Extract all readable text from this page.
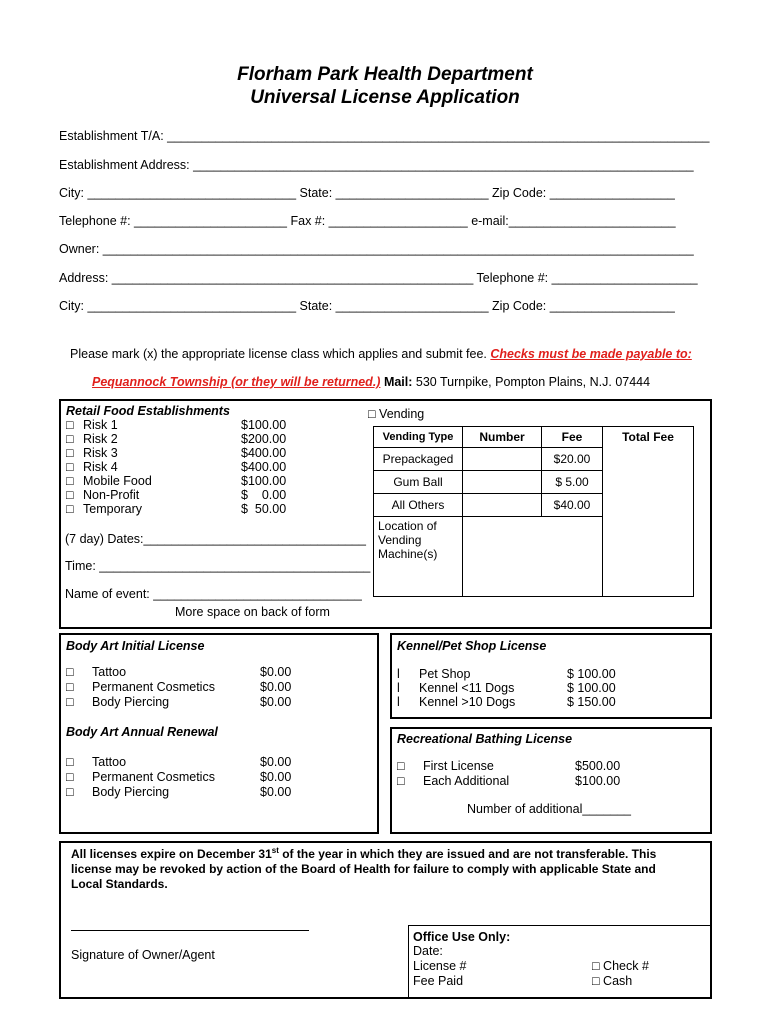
Florham Park Health Department
Universal License Application
Establishment T/A: ______________________________________________________________________________
Establishment Address: ________________________________________________________________________
City: ______________________________ State: ______________________ Zip Code: __________________
Telephone #: ______________________ Fax #: ____________________ e-mail:________________________
Owner: _____________________________________________________________________________________
Address: ____________________________________________________ Telephone #: _____________________
City: ______________________________ State: ______________________ Zip Code: __________________
Please mark (x) the appropriate license class which applies and submit fee. Checks must be made payable to:
Pequannock Township (or they will be returned.) Mail: 530 Turnpike, Pompton Plains, N.J. 07444
Retail Food Establishments
□ Risk 1	$100.00
□ Risk 2	$200.00
□ Risk 3	$400.00
□ Risk 4	$400.00
□ Mobile Food	$100.00
□ Non-Profit	$    0.00
□ Temporary	$  50.00
(7 day) Dates:________________________________
Time: _______________________________________
Name of event: ______________________________
More space on back of form
□ Vending
Vending Type	Number	Fee	Total Fee

Prepackaged		$20.00	
Gum Ball		$ 5.00	
All Others		$40.00	
Location of Vending Machine(s)			
Body Art Initial License
□ Tattoo	$0.00
□ Permanent Cosmetics	$0.00
□ Body Piercing	$0.00
Body Art Annual Renewal
□ Tattoo	$0.00
□ Permanent Cosmetics	$0.00
□ Body Piercing	$0.00
Kennel/Pet Shop License
l Pet Shop	$ 100.00
l Kennel <11 Dogs	$ 100.00
l Kennel >10 Dogs	$ 150.00
Recreational Bathing License
□ First License	$500.00
□ Each Additional	$100.00
Number of additional_______
All licenses expire on December 31st of the year in which they are issued and are not transferable. This
license may be revoked by action of the Board of Health for failure to comply with applicable State and
Local Standards.
Signature of Owner/Agent
Office Use Only:
Date:
License #
Fee Paid
□ Check #
□ Cash
